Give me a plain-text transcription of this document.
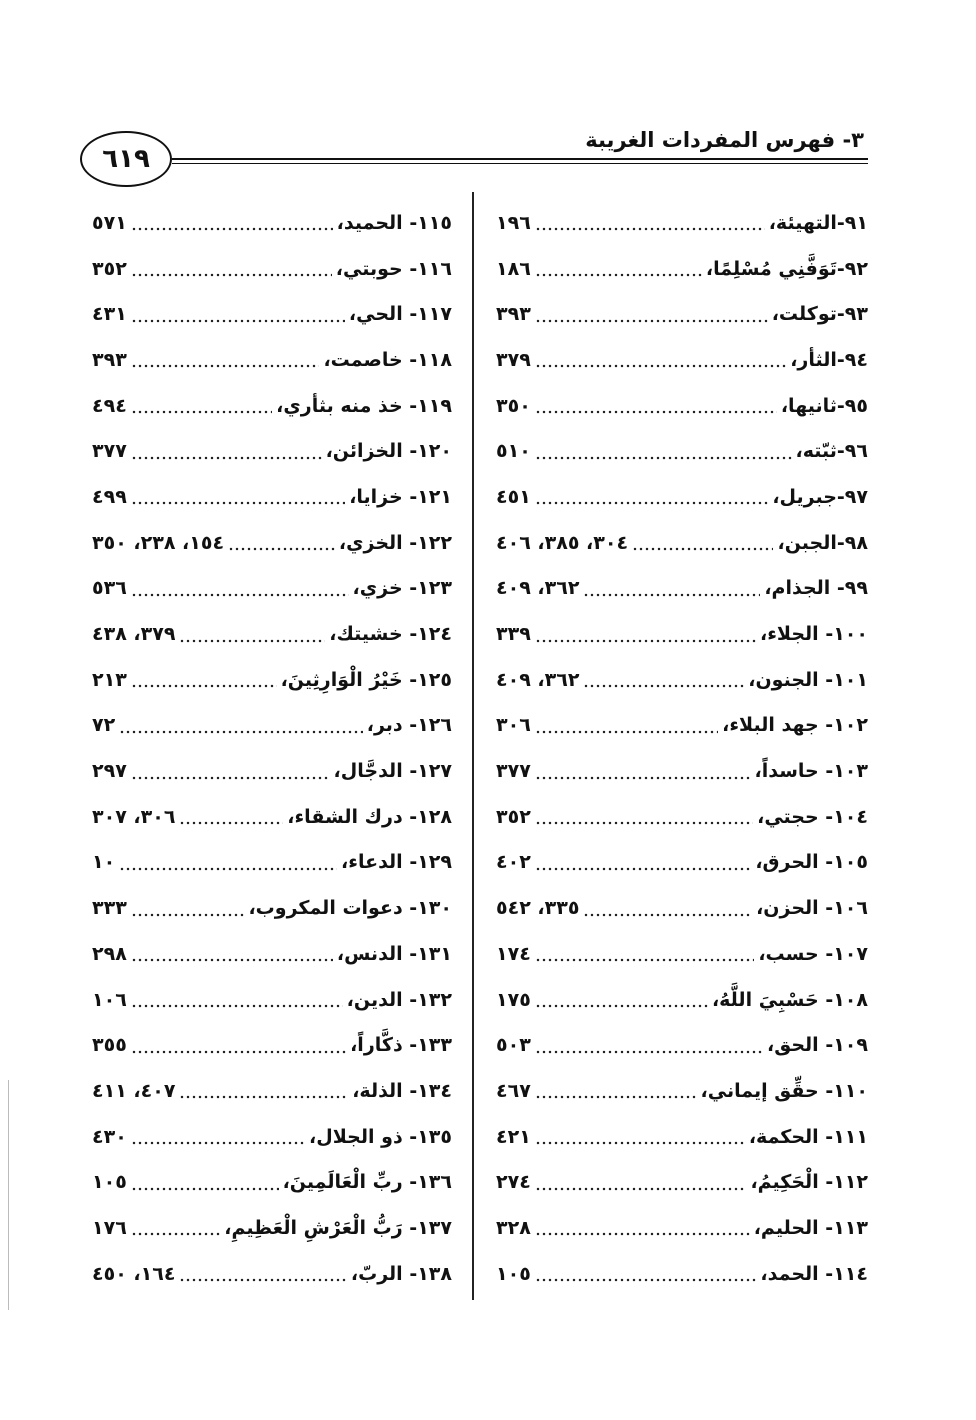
٣- فهرس المفردات الغريبة
٦١٩
٩١-التهيئة،
١٩٦
٩٢-تَوَفَّنِي مُسْلِمًا،
١٨٦
٩٣-توكلت،
٣٩٣
٩٤-الثأر،
٣٧٩
٩٥-ثانيها،
٣٥٠
٩٦-ثبّته،
٥١٠
٩٧-جبريل،
٤٥١
٩٨-الجبن،
٣٠٤، ٣٨٥، ٤٠٦
٩٩- الجذام،
٣٦٢، ٤٠٩
١٠٠- الجلاء،
٣٣٩
١٠١- الجنون،
٣٦٢، ٤٠٩
١٠٢- جهد البلاء،
٣٠٦
١٠٣- حاسداً،
٣٧٧
١٠٤- حجتي،
٣٥٢
١٠٥- الحرق،
٤٠٢
١٠٦- الحزن،
٣٣٥، ٥٤٢
١٠٧- حسب،
١٧٤
١٠٨- حَسْبِيَ اللَّهُ،
١٧٥
١٠٩- الحق،
٥٠٣
١١٠- حقِّق إيماني،
٤٦٧
١١١- الحكمة،
٤٢١
١١٢- الْحَكِيمُ،
٢٧٤
١١٣- الحليم،
٣٢٨
١١٤- الحمد،
١٠٥
١١٥- الحميد،
٥٧١
١١٦- حوبتي،
٣٥٢
١١٧- الحي،
٤٣١
١١٨- خاصمت،
٣٩٣
١١٩- خذ منه بثأري،
٤٩٤
١٢٠- الخزائن،
٣٧٧
١٢١- خزايا،
٤٩٩
١٢٢- الخزي،
١٥٤، ٢٣٨، ٣٥٠
١٢٣- خزي،
٥٣٦
١٢٤- خشيتك،
٣٧٩، ٤٣٨
١٢٥- خَيْرُ الْوَارِثِينَ،
٢١٣
١٢٦- دبر،
٧٢
١٢٧- الدجَّال،
٢٩٧
١٢٨- درك الشقاء،
٣٠٦، ٣٠٧
١٢٩- الدعاء،
١٠
١٣٠- دعوات المكروب،
٣٣٣
١٣١- الدنس،
٢٩٨
١٣٢- الدين،
١٠٦
١٣٣- ذكَّاراً،
٣٥٥
١٣٤- الذلة،
٤٠٧، ٤١١
١٣٥- ذو الجلال،
٤٣٠
١٣٦- ربِّ الْعَالَمِينَ،
١٠٥
١٣٧- رَبُّ الْعَرْشِ الْعَظِيمِ،
١٧٦
١٣٨- الربّ،
١٦٤، ٤٥٠
